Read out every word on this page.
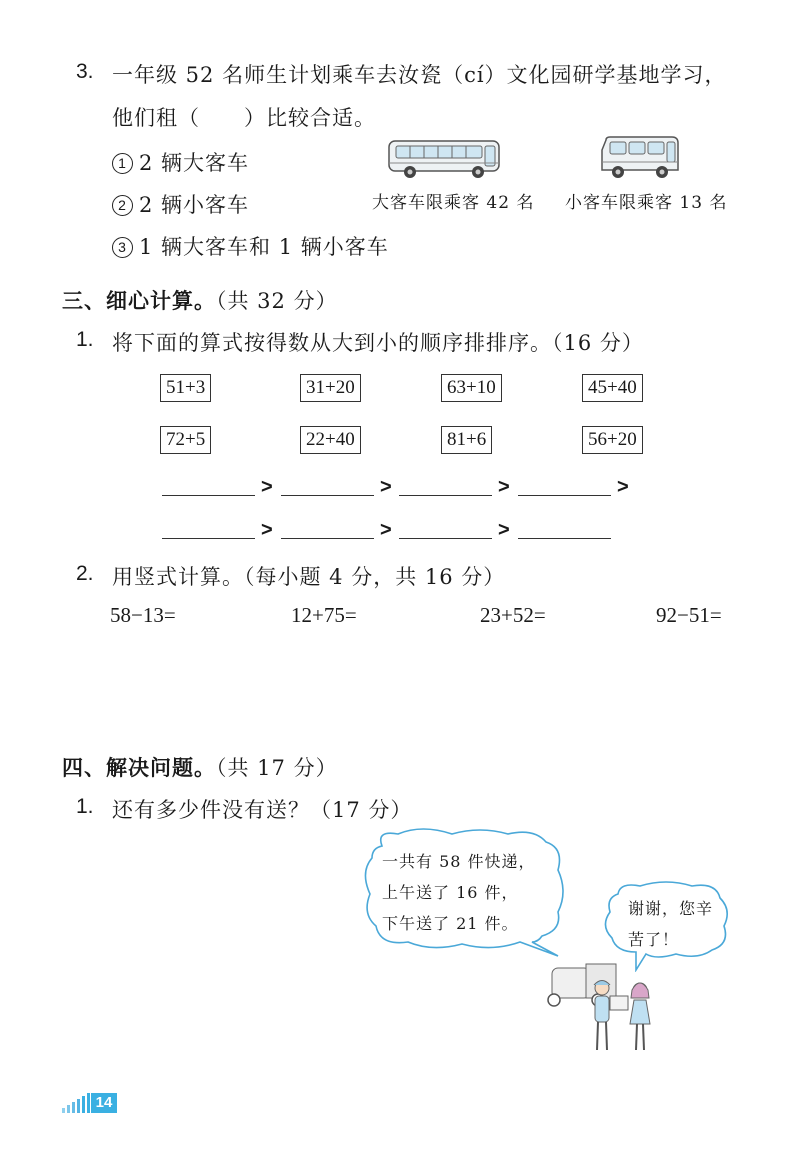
3. 一年级 52 名师生计划乘车去汝瓷（cí）文化园研学基地学习，
他们租（　　）比较合适。
1 2 辆大客车
2 2 辆小客车
3 1 辆大客车和 1 辆小客车
大客车限乘客 42 名 小客车限乘客 13 名
三、细心计算。（共 32 分）
1. 将下面的算式按得数从大到小的顺序排排序。（16 分）
51+3	31+20	63+10	45+40
72+5	22+40	81+6	56+20
>	>	>	>
>	>	>
2. 用竖式计算。（每小题 4 分，共 16 分）
58−13=	12+75=	23+52=	92−51=
四、解决问题。（共 17 分）
1. 还有多少件没有送？（17 分）
一共有 58 件快递，
上午送了 16 件，
下午送了 21 件。
谢谢，您辛
苦了！
14
